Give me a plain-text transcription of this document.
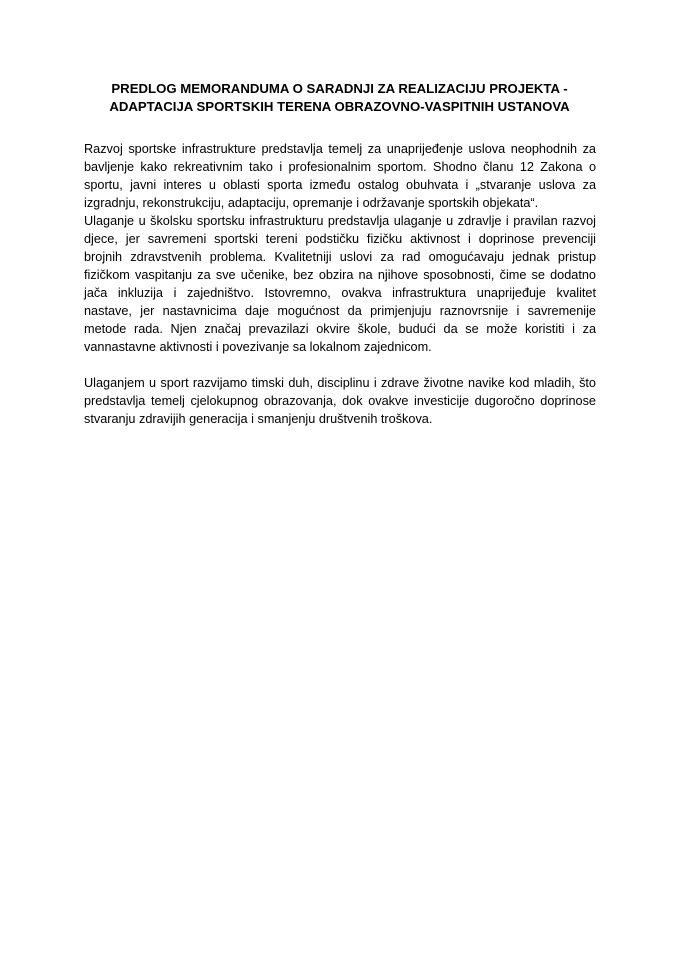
PREDLOG MEMORANDUMA O SARADNJI ZA REALIZACIJU PROJEKTA -
ADAPTACIJA SPORTSKIH TERENA OBRAZOVNO-VASPITNIH USTANOVA

Razvoj sportske infrastrukture predstavlja temelj za unaprijeđenje uslova neophodnih za
bavljenje kako rekreativnim tako i profesionalnim sportom. Shodno članu 12 Zakona o
sportu, javni interes u oblasti sporta između ostalog obuhvata i „stvaranje uslova za
izgradnju, rekonstrukciju, adaptaciju, opremanje i održavanje sportskih objekata“.

Ulaganje u školsku sportsku infrastrukturu predstavlja ulaganje u zdravlje i pravilan razvoj
djece, jer savremeni sportski tereni podstičku fizičku aktivnost i doprinose prevenciji
brojnih zdravstvenih problema. Kvalitetniji uslovi za rad omogućavaju jednak pristup
fizičkom vaspitanju za sve učenike, bez obzira na njihove sposobnosti, čime se dodatno
jača inkluzija i zajedništvo. Istovremno, ovakva infrastruktura unapriјeđuje kvalitet
nastave, jer nastavnicima daje mogućnost da primjenjuju raznovrsnije i savremenije
metode rada. Njen značaj prevazilazi okvire škole, budući da se može koristiti i za
vannastavne aktivnosti i povezivanje sa lokalnom zajednicom.

Ulaganjem u sport razvijamo timski duh, disciplinu i zdrave životne navike kod mladih, što
predstavlja temelj cjelokupnog obrazovanja, dok ovakve investicije dugoročno doprinose
stvaranju zdravijih generacija i smanjenju društvenih troškova.
